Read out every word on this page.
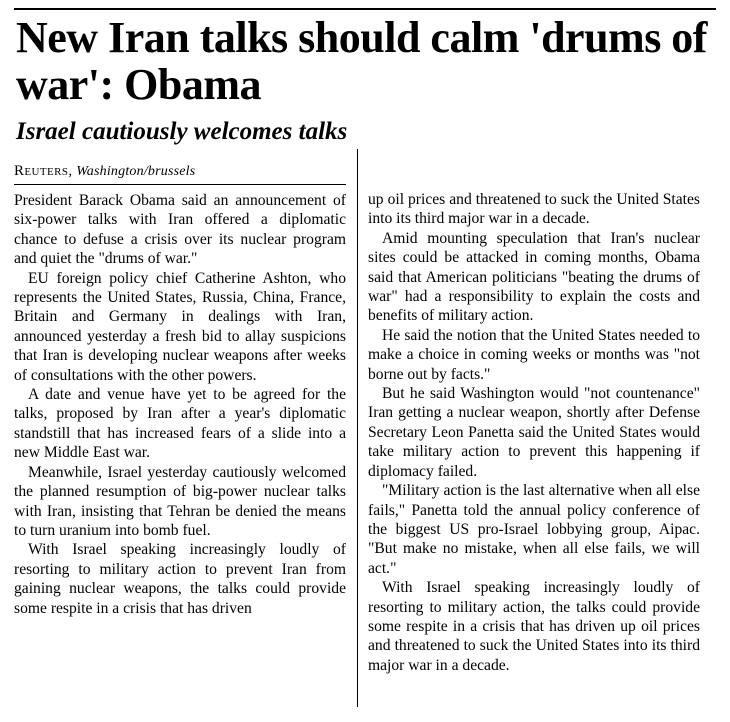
New Iran talks should calm 'drums of war': Obama
Israel cautiously welcomes talks
Reuters, Washington/brussels

President Barack Obama said an announcement of six-power talks with Iran offered a diplomatic chance to defuse a crisis over its nuclear program and quiet the "drums of war."

EU foreign policy chief Catherine Ashton, who represents the United States, Russia, China, France, Britain and Germany in dealings with Iran, announced yesterday a fresh bid to allay suspicions that Iran is developing nuclear weapons after weeks of consultations with the other powers.

A date and venue have yet to be agreed for the talks, proposed by Iran after a year's diplomatic standstill that has increased fears of a slide into a new Middle East war.

Meanwhile, Israel yesterday cautiously welcomed the planned resumption of big-power nuclear talks with Iran, insisting that Tehran be denied the means to turn uranium into bomb fuel.

With Israel speaking increasingly loudly of resorting to military action to prevent Iran from gaining nuclear weapons, the talks could provide some respite in a crisis that has driven

up oil prices and threatened to suck the United States into its third major war in a decade.

Amid mounting speculation that Iran's nuclear sites could be attacked in coming months, Obama said that American politicians "beating the drums of war" had a responsibility to explain the costs and benefits of military action.

He said the notion that the United States needed to make a choice in coming weeks or months was "not borne out by facts."

But he said Washington would "not countenance" Iran getting a nuclear weapon, shortly after Defense Secretary Leon Panetta said the United States would take military action to prevent this happening if diplomacy failed.

"Military action is the last alternative when all else fails," Panetta told the annual policy conference of the biggest US pro-Israel lobbying group, Aipac. "But make no mistake, when all else fails, we will act."

With Israel speaking increasingly loudly of resorting to military action, the talks could provide some respite in a crisis that has driven up oil prices and threatened to suck the United States into its third major war in a decade.
